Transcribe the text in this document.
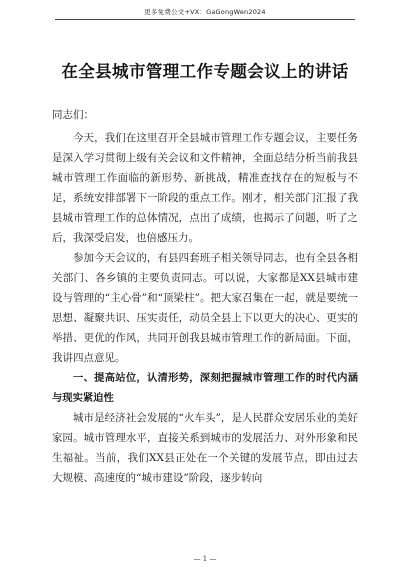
更多免费公文+VX：GaGongWen2024
在全县城市管理工作专题会议上的讲话

同志们：

今天，我们在这里召开全县城市管理工作专题会议，主要任务是深入学习贯彻上级有关会议和文件精神，全面总结分析当前我县城市管理工作面临的新形势、新挑战，精准查找存在的短板与不足，系统安排部署下一阶段的重点工作。刚才，相关部门汇报了我县城市管理工作的总体情况，点出了成绩，也揭示了问题，听了之后，我深受启发，也倍感压力。

参加今天会议的，有县四套班子相关领导同志，也有全县各相关部门、各乡镇的主要负责同志。可以说，大家都是XX县城市建设与管理的“主心骨”和“顶梁柱”。把大家召集在一起，就是要统一思想、凝聚共识、压实责任，动员全县上下以更大的决心、更实的举措、更优的作风，共同开创我县城市管理工作的新局面。下面，我讲四点意见。

一、提高站位，认清形势，深刻把握城市管理工作的时代内涵与现实紧迫性

城市是经济社会发展的“火车头”，是人民群众安居乐业的美好家园。城市管理水平，直接关系到城市的发展活力、对外形象和民生福祉。当前，我们XX县正处在一个关键的发展节点，即由过去大规模、高速度的“城市建设”阶段，逐步转向

— 1 —
